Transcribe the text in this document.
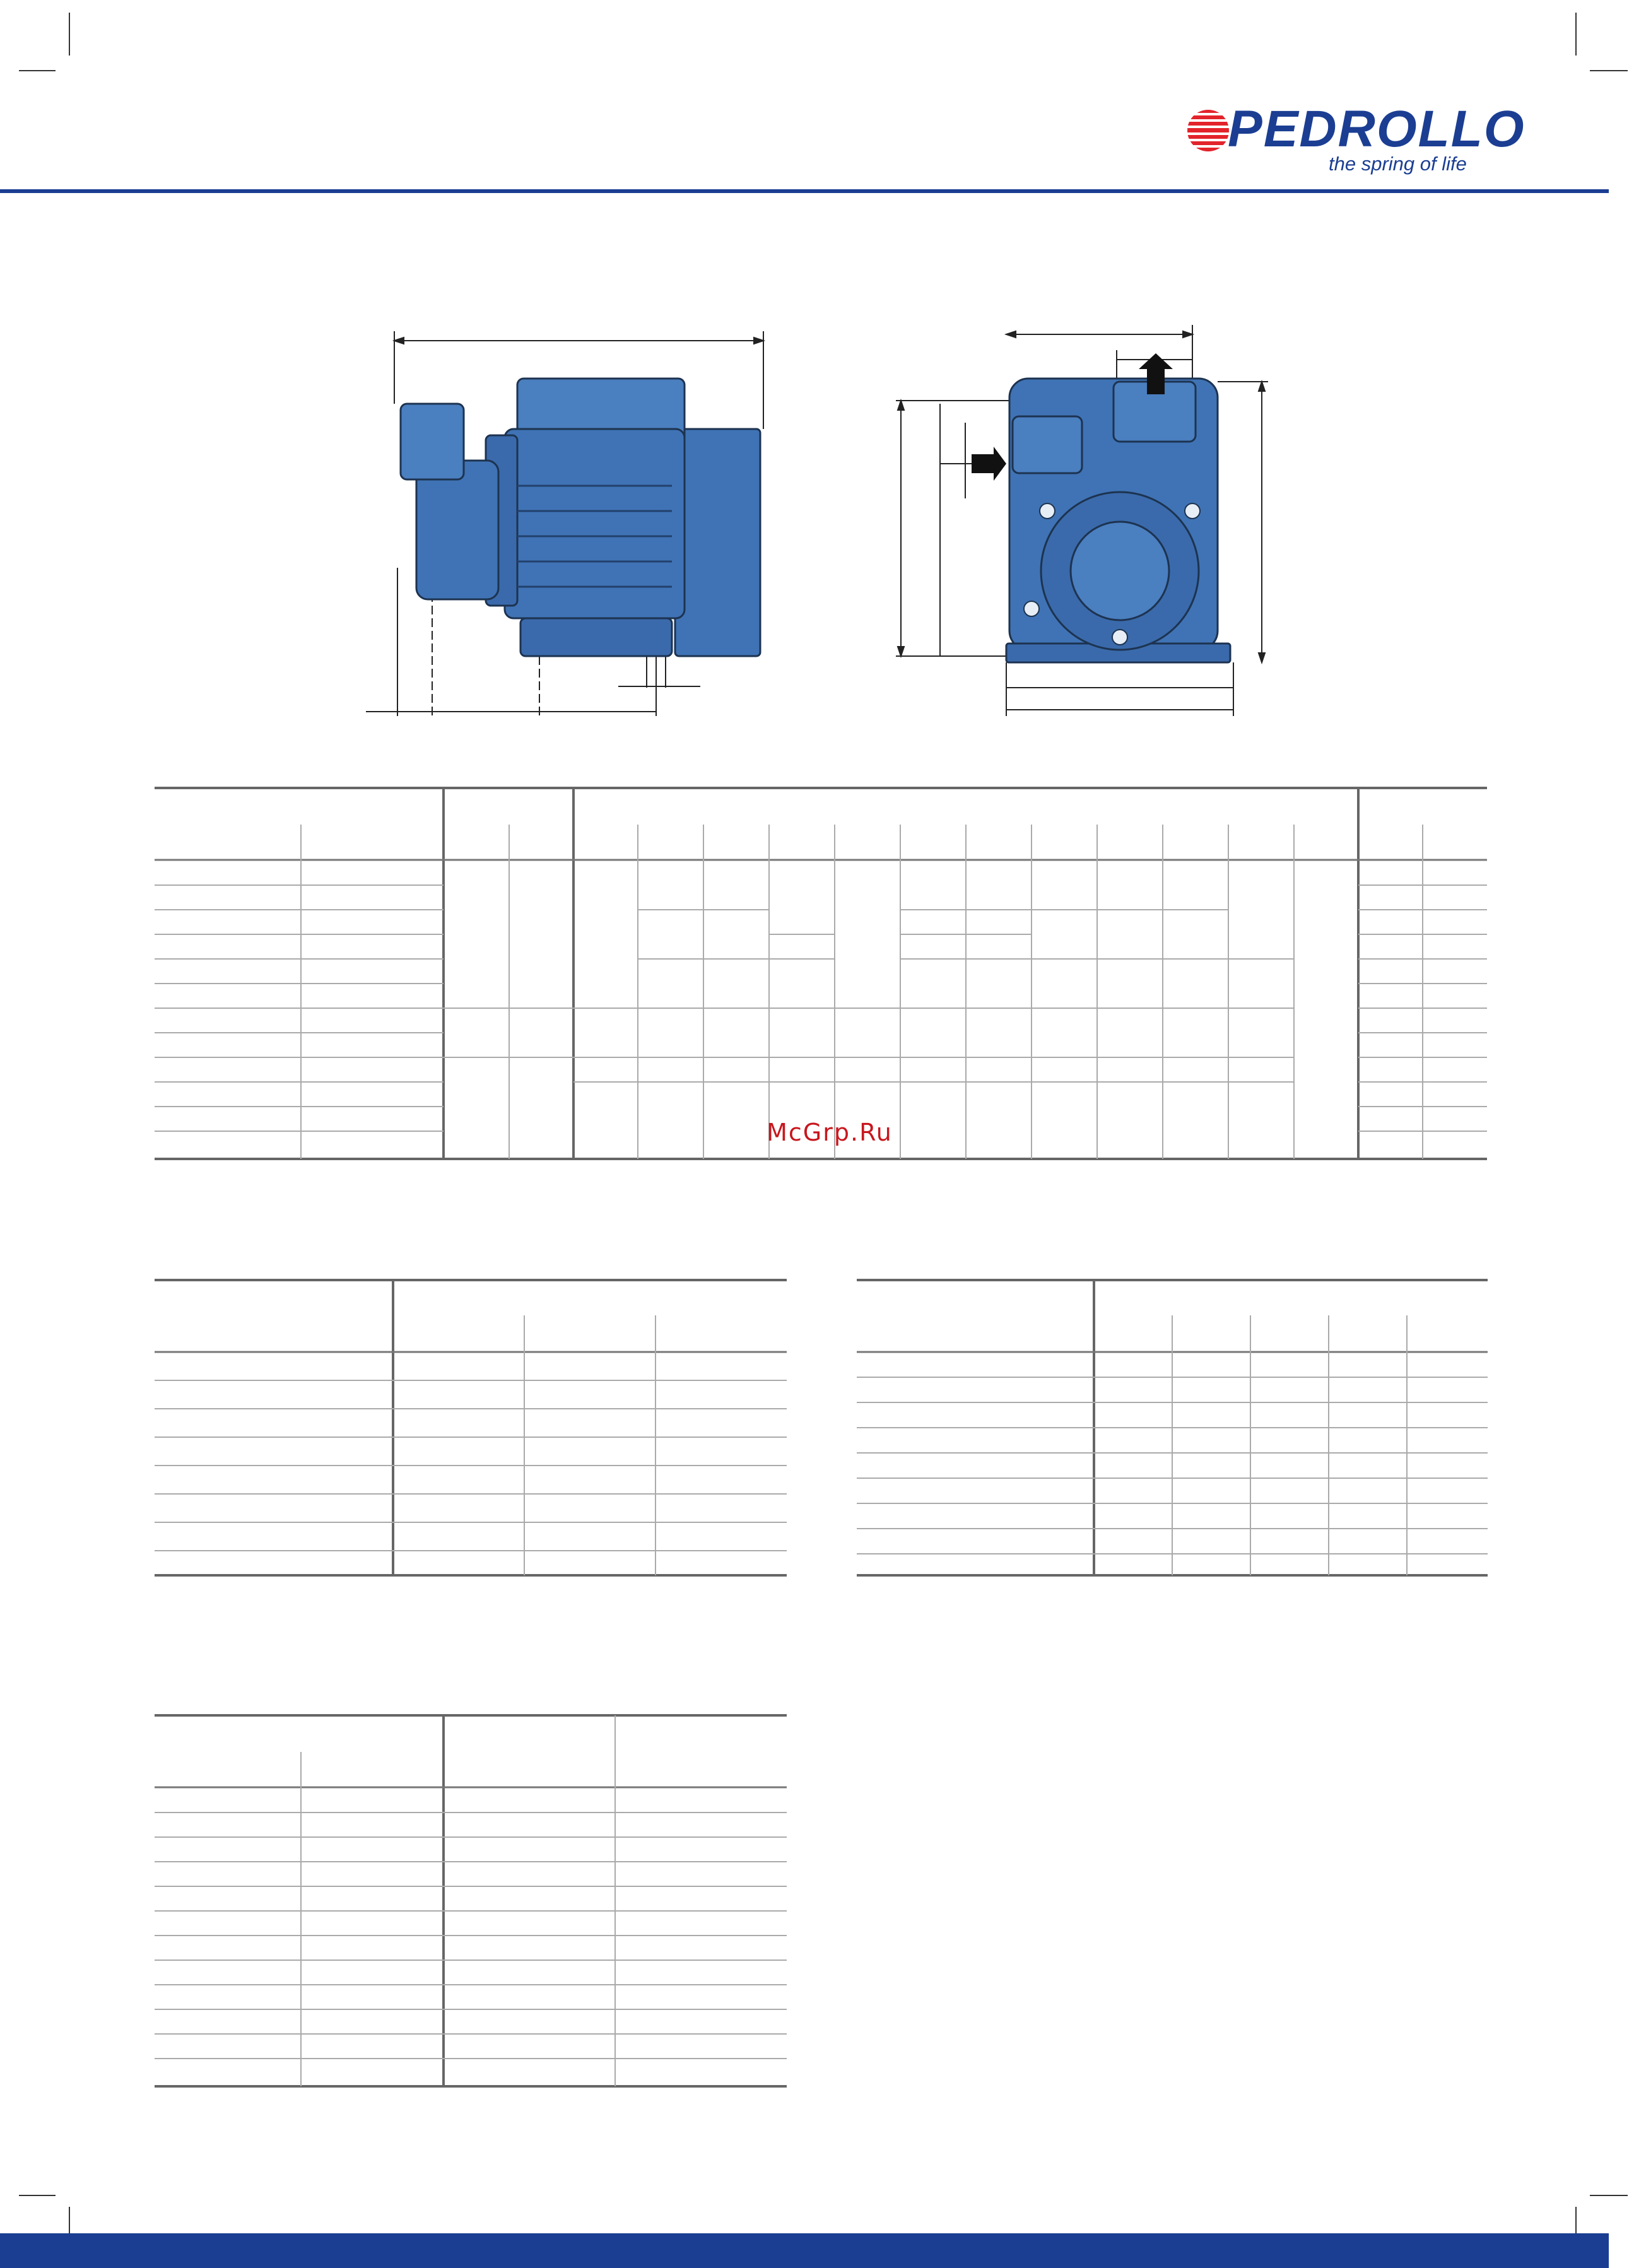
PEDROLLO
the spring of life
McGrp.Ru
